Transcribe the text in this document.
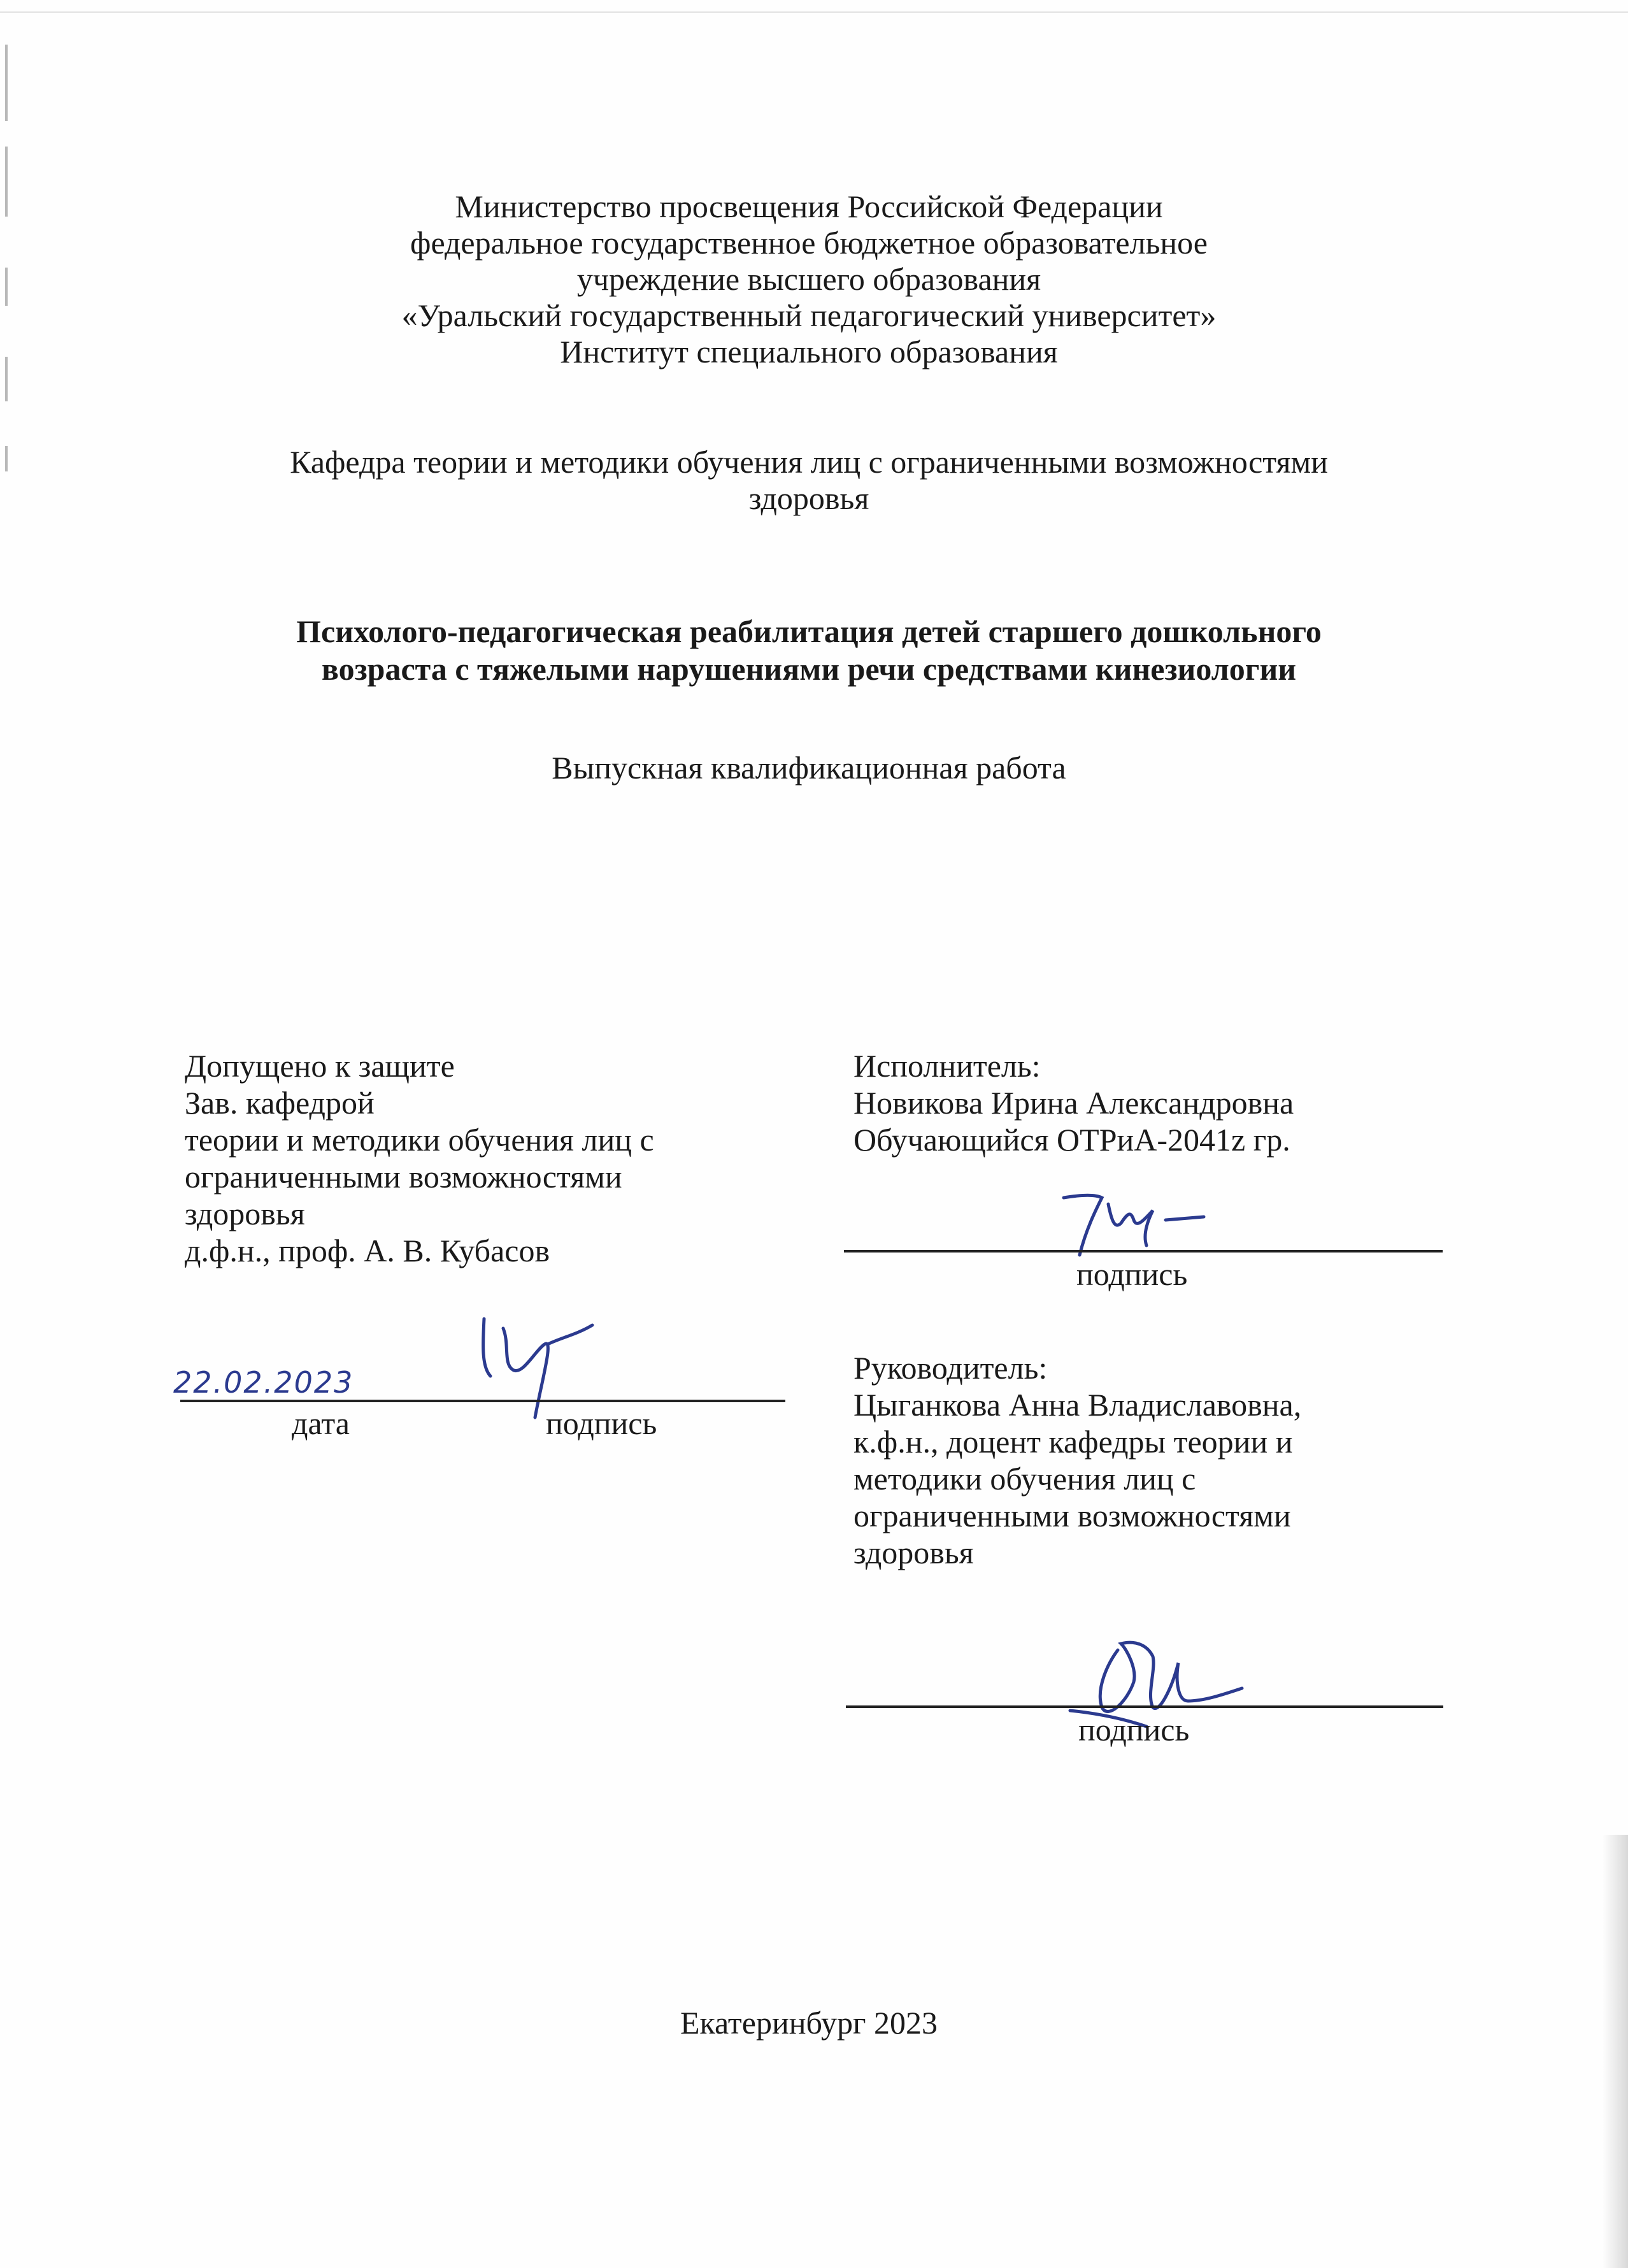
Министерство просвещения Российской Федерации
федеральное государственное бюджетное образовательное
учреждение высшего образования
«Уральский государственный педагогический университет»
Институт специального образования
Кафедра теории и методики обучения лиц с ограниченными возможностями
здоровья
Психолого-педагогическая реабилитация детей старшего дошкольного
возраста с тяжелыми нарушениями речи средствами кинезиологии
Выпускная квалификационная работа
Допущено к защите
Зав. кафедрой
теории и методики обучения лиц с
ограниченными возможностями
здоровья
д.ф.н., проф. А. В. Кубасов
22.02.2023
дата	подпись
Исполнитель:
Новикова Ирина Александровна
Обучающийся ОТРиА-2041z гр.
подпись
Руководитель:
Цыганкова Анна Владиславовна,
к.ф.н., доцент кафедры теории и
методики обучения лиц с
ограниченными возможностями
здоровья
подпись
Екатеринбург 2023
